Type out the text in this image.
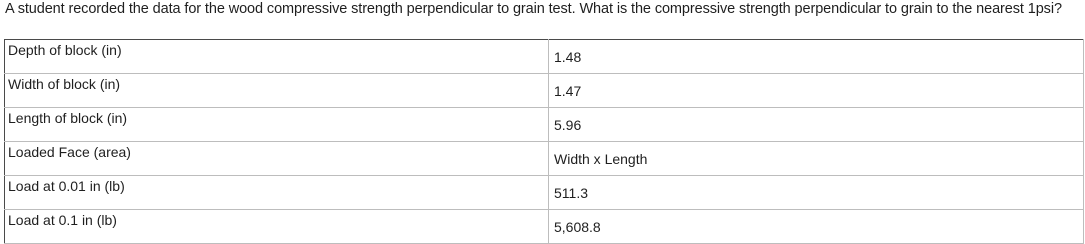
A student recorded the data for the wood compressive strength perpendicular to grain test. What is the compressive strength perpendicular to grain to the nearest 1psi?
Depth of block (in)	1.48
Width of block (in)	1.47
Length of block (in)	5.96
Loaded Face (area)	Width x Length
Load at 0.01 in (lb)	511.3
Load at 0.1 in (lb)	5,608.8
